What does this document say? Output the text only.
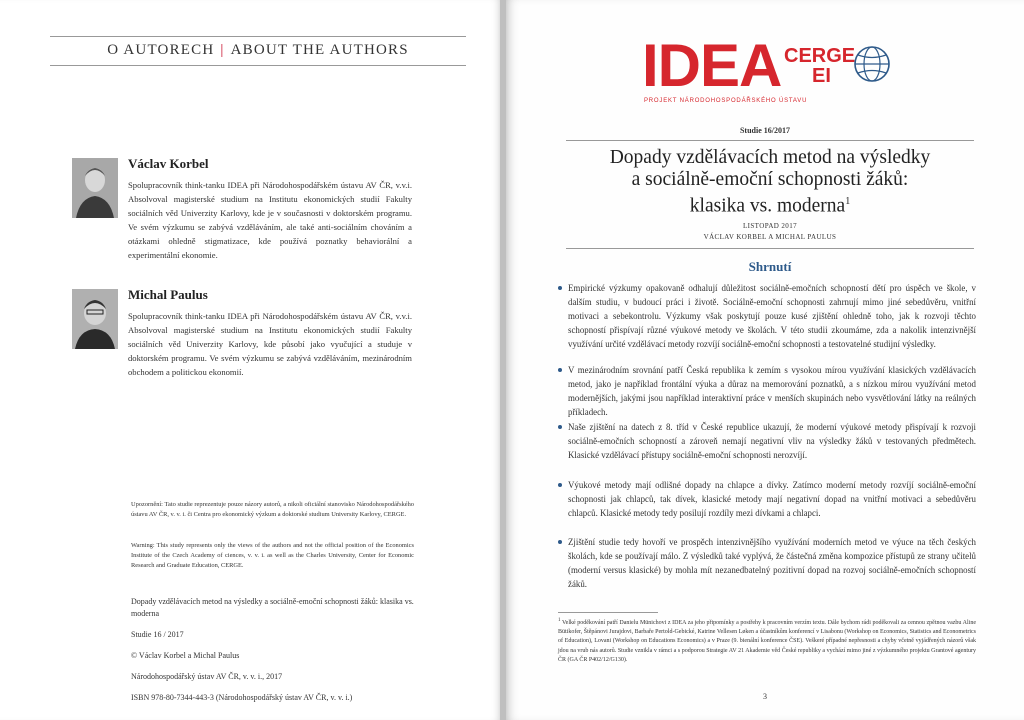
O AUTORECH | ABOUT THE AUTHORS
Václav Korbel
Spolupracovník think-tanku IDEA při Národohospodářském ústavu AV ČR, v.v.i. Absolvoval magisterské studium na Institutu ekonomických studií Fakulty sociálních věd Univerzity Karlovy, kde je v současnosti v doktorském programu. Ve svém výzkumu se zabývá vzděláváním, ale také anti-sociálním chováním a otázkami ohledně stigmatizace, kde používá poznatky behaviorální a experimentální ekonomie.
Michal Paulus
Spolupracovník think-tanku IDEA při Národohospodářském ústavu AV ČR, v.v.i. Absolvoval magisterské studium na Institutu ekonomických studií Fakulty sociálních věd Univerzity Karlovy, kde působí jako vyučující a studuje v doktorském programu. Ve svém výzkumu se zabývá vzděláváním, mezinárodním obchodem a politickou ekonomií.
Upozornění: Tato studie reprezentuje pouze názory autorů, a nikoli oficiální stanovisko Národohospodářského ústavu AV ČR, v. v. i. či Centra pro ekonomický výzkum a doktorské studium University Karlovy, CERGE.
Warning: This study represents only the views of the authors and not the official position of the Economics Institute of the Czech Academy of ciences, v. v. i. as well as the Charles University, Center for Economic Research and Graduate Education, CERGE.
Dopady vzdělávacích metod na výsledky a sociálně-emoční schopnosti žáků: klasika vs. moderna
Studie 16 / 2017
© Václav Korbel a Michal Paulus
Národohospodářský ústav AV ČR, v. v. i., 2017
ISBN 978-80-7344-443-3 (Národohospodářský ústav AV ČR, v. v. i.)
IDEA CERGE
EI
PROJEKT NÁRODOHOSPODÁŘSKÉHO ÚSTAVU
Studie 16/2017
Dopady vzdělávacích metod na výsledky
a sociálně-emoční schopnosti žáků:
klasika vs. moderna$^1$
LISTOPAD 2017
VÁCLAV KORBEL A MICHAL PAULUS
Shrnutí
Empirické výzkumy opakovaně odhalují důležitost sociálně-emočních schopností dětí pro úspěch ve škole, v dalším studiu, v budoucí práci i životě. Sociálně-emoční schopnosti zahrnují mimo jiné sebedůvěru, vnitřní motivaci a sebekontrolu. Výzkumy však poskytují pouze kusé zjištění ohledně toho, jak k rozvoji těchto schopností přispívají různé výukové metody ve školách. V této studii zkoumáme, zda a nakolik intenzivnější využívání určité vzdělávací metody rozvíjí sociálně-emoční schopnosti a testovatelné studijní výsledky.
V mezinárodním srovnání patří Česká republika k zemím s vysokou mírou využívání klasických vzdělávacích metod, jako je například frontální výuka a důraz na memorování poznatků, a s nízkou mírou využívání metod modernějších, jakými jsou například interaktivní práce v menších skupinách nebo vysvětlování látky na reálných příkladech.
Naše zjištění na datech z 8. tříd v České republice ukazují, že moderní výukové metody přispívají k rozvoji sociálně-emočních schopností a zároveň nemají negativní vliv na výsledky žáků v testovaných předmětech. Klasické vzdělávací přístupy sociálně-emoční schopnosti nerozvíjí.
Výukové metody mají odlišné dopady na chlapce a dívky. Zatímco moderní metody rozvíjí sociálně-emoční schopnosti jak chlapců, tak dívek, klasické metody mají negativní dopad na vnitřní motivaci a sebedůvěru chlapců. Klasické metody tedy posilují rozdíly mezi dívkami a chlapci.
Zjištění studie tedy hovoří ve prospěch intenzivnějšího využívání moderních metod ve výuce na těch českých školách, kde se používají málo. Z výsledků také vyplývá, že částečná změna kompozice přístupů ze strany učitelů (moderní versus klasické) by mohla mít nezanedbatelný pozitivní dopad na rozvoj sociálně-emočních schopností žáků.
$^1$ Velké poděkování patří Danielu Münichovi z IDEA za jeho připomínky a postřehy k pracovním verzím textu. Dále bychom rádi poděkovali za cennou zpětnou vazbu Aline Bütikofer, Štěpánovi Jurajdovi, Barbaře Pertold-Gebické, Katrine Vellesen Løken a účastníkům konferencí v Lisabonu (Workshop on Economics, Statistics and Econometrics of Education), Lovani (Workshop on Educations Economics) a v Praze (9. bienální konference ČSE). Veškeré případné nepřesnosti a chyby včetně vyjádřených názorů však jdou na vrub nás autorů. Studie vznikla v rámci a s podporou Strategie AV 21 Akademie věd České republiky a vychází mimo jiné z výzkumného projektu Grantové agentury ČR (GA ČR P402/12/G130).
3
